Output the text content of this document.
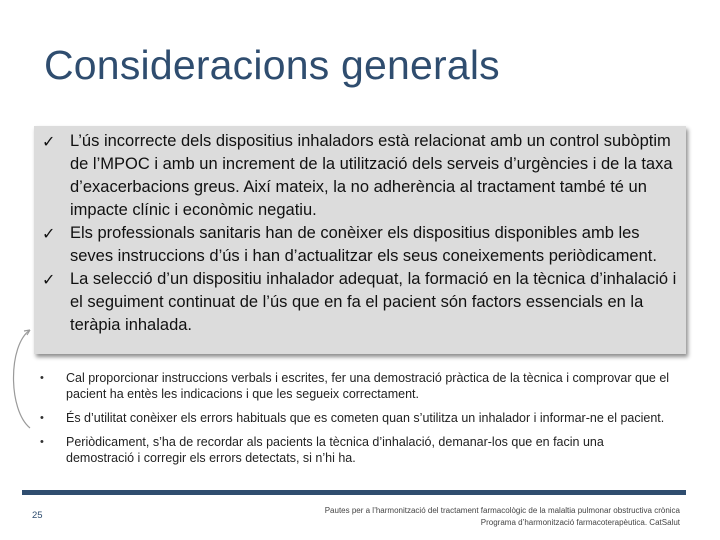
Consideracions generals
✓ L’ús incorrecte dels dispositius inhaladors està relacionat amb un control subòptim de l’MPOC i amb un increment de la utilització dels serveis d’urgències i de la taxa d’exacerbacions greus. Així mateix, la no adherència al tractament també té un impacte clínic i econòmic negatiu.
✓ Els professionals sanitaris han de conèixer els dispositius disponibles amb les seves instruccions d’ús i han d’actualitzar els seus coneixements periòdicament.
✓ La selecció d’un dispositiu inhalador adequat, la formació en la tècnica d’inhalació i el seguiment continuat de l’ús que en fa el pacient són factors essencials en la teràpia inhalada.
• Cal proporcionar instruccions verbals i escrites, fer una demostració pràctica de la tècnica i comprovar que el pacient ha entès les indicacions i que les segueix correctament.
• És d’utilitat conèixer els errors habituals que es cometen quan s’utilitza un inhalador i informar-ne el pacient.
• Periòdicament, s’ha de recordar als pacients la tècnica d’inhalació, demanar-los que en facin una demostració i corregir els errors detectats, si n’hi ha.
25	Pautes per a l’harmonització del tractament farmacològic de la malaltia pulmonar obstructiva crònica
Programa d’harmonització farmacoterapèutica. CatSalut
